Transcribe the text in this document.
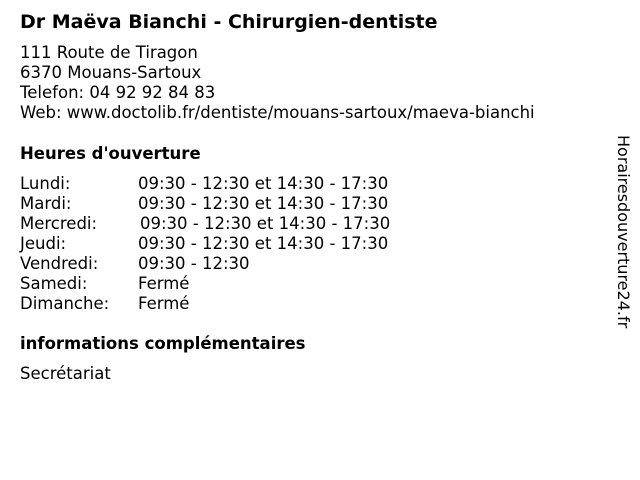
Dr Maëva Bianchi - Chirurgien-dentiste
111 Route de Tiragon
6370 Mouans-Sartoux
Telefon: 04 92 92 84 83
Web: www.doctolib.fr/dentiste/mouans-sartoux/maeva-bianchi
Heures d'ouverture
Lundi:	09:30 - 12:30 et 14:30 - 17:30
Mardi:	09:30 - 12:30 et 14:30 - 17:30
Mercredi:	09:30 - 12:30 et 14:30 - 17:30
Jeudi:	09:30 - 12:30 et 14:30 - 17:30
Vendredi: 09:30 - 12:30
Samedi:	Fermé
Dimanche: Fermé
informations complémentaires
Secrétariat
Horairesdouverture24.fr
